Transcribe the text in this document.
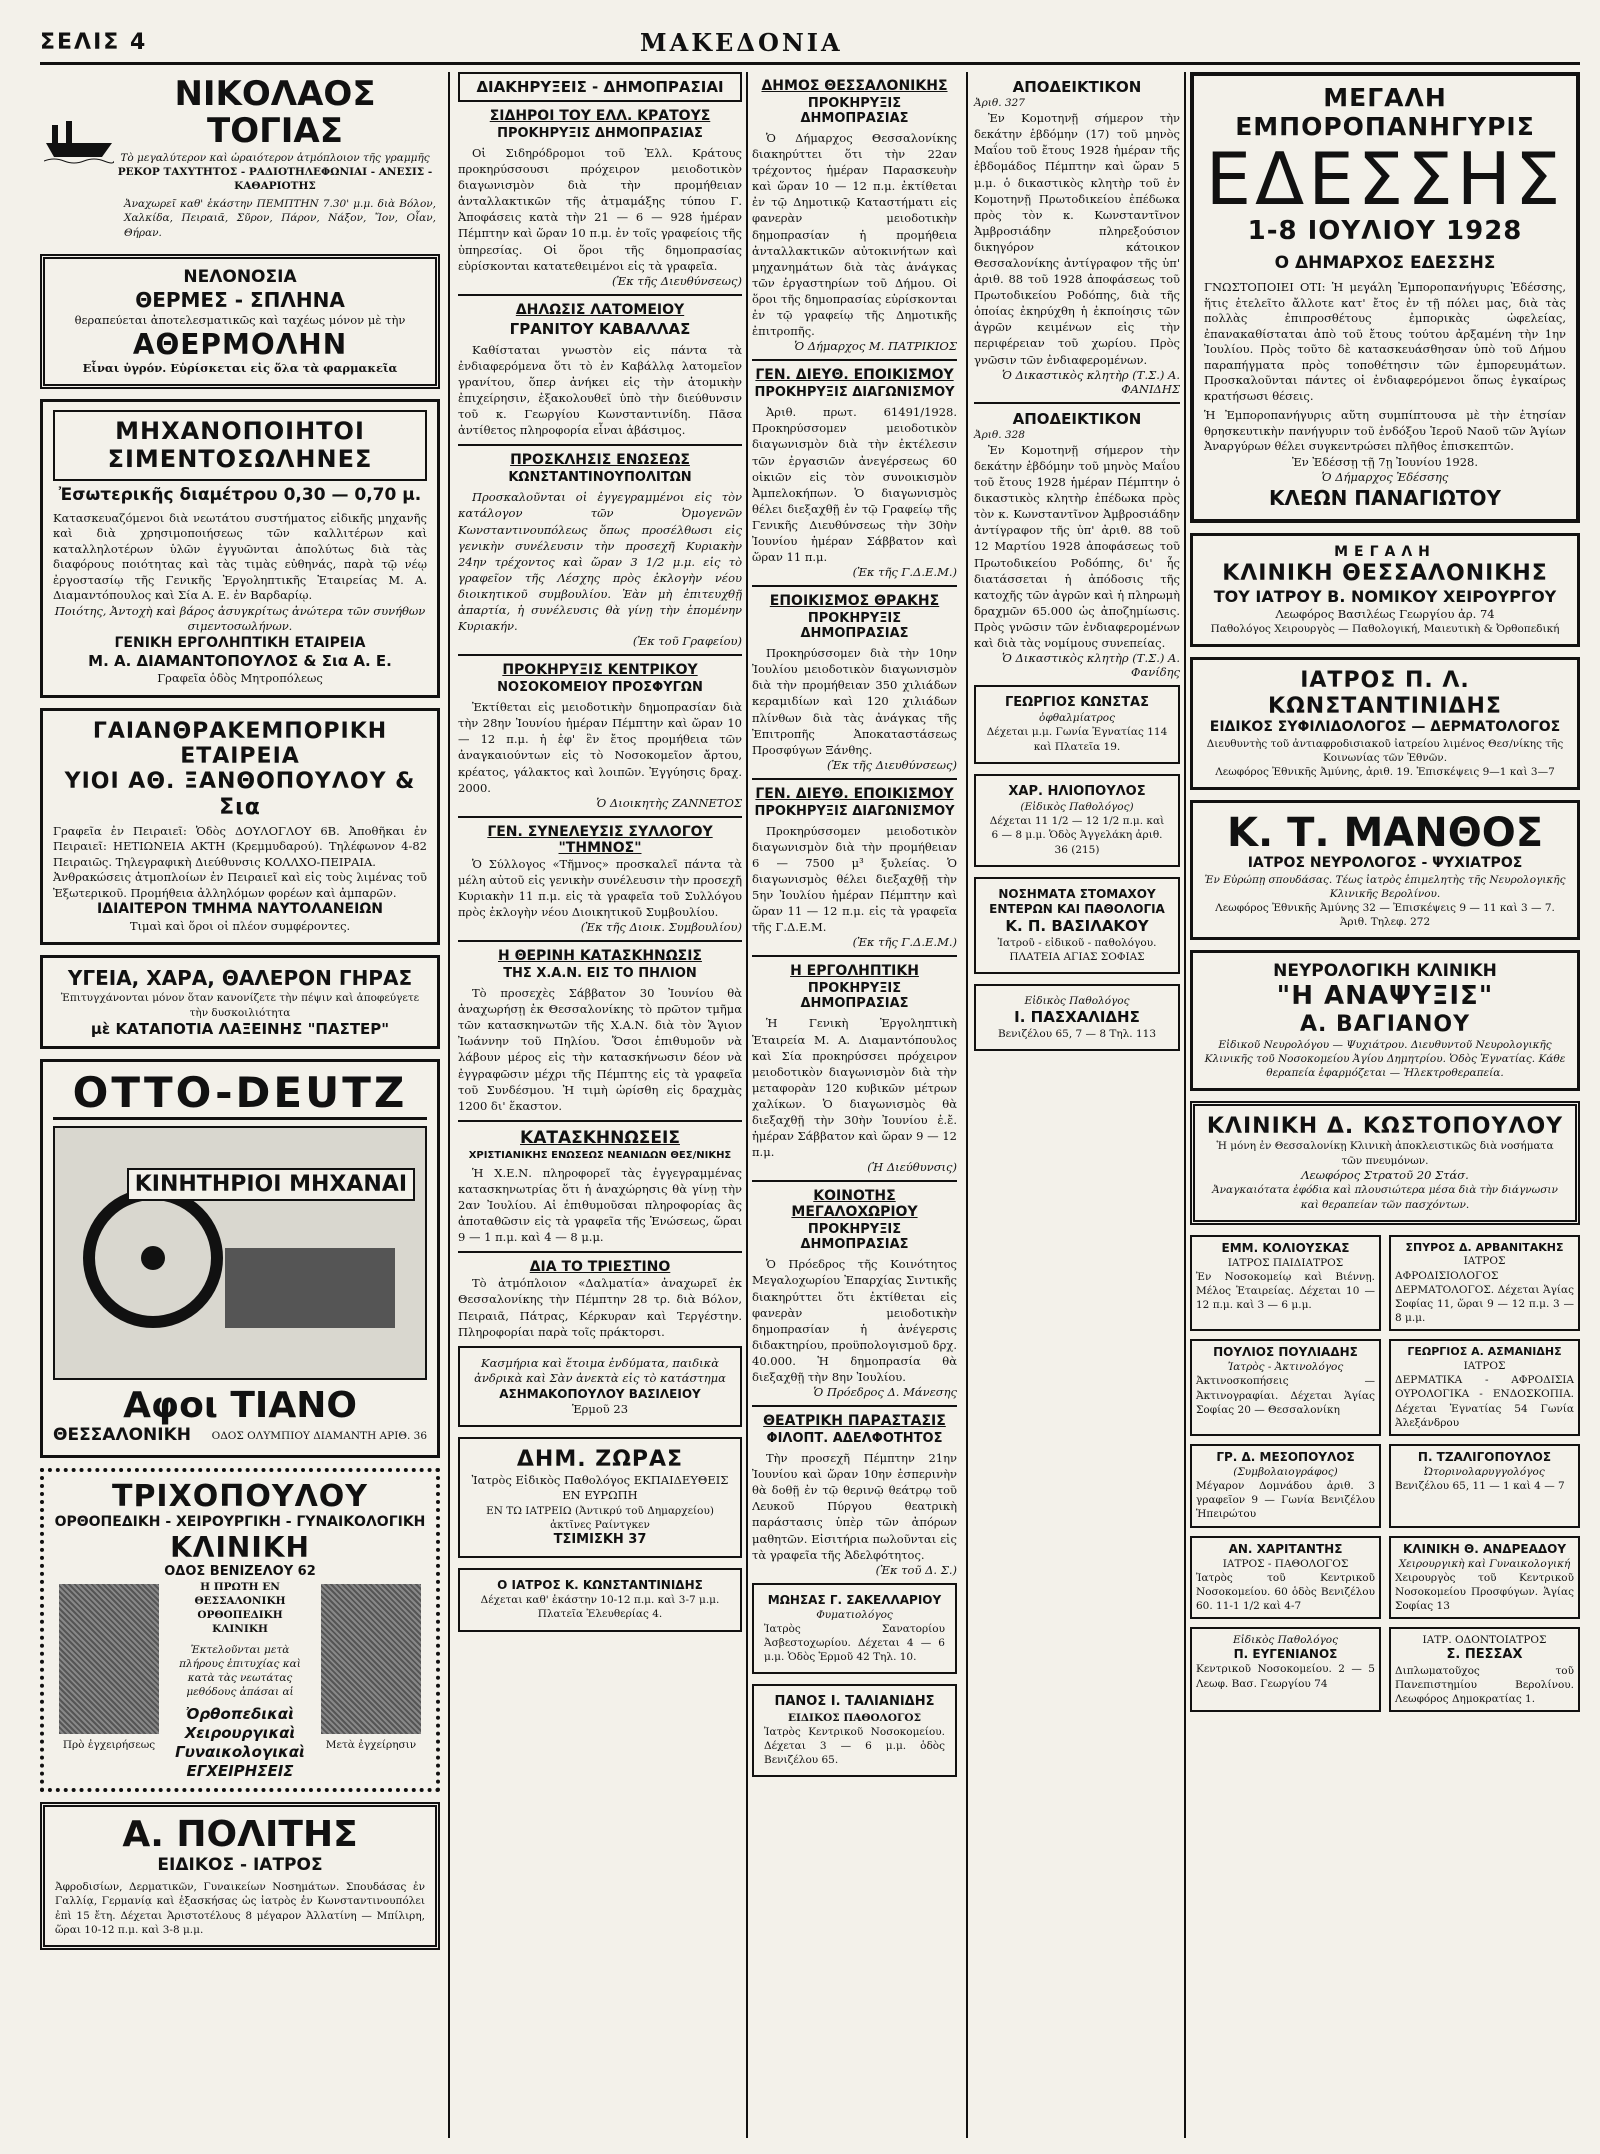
ΣΕΛΙΣ 4	ΜΑΚΕΔΟΝΙΑ
ΝΙΚΟΛΑΟΣ ΤΟΓΙΑΣ
Τὸ μεγαλύτερον καὶ ὡραιότερον ἀτμόπλοιον τῆς γραμμῆς
ΡΕΚΟΡ ΤΑΧΥΤΗΤΟΣ - ΡΑΔΙΟΤΗΛΕΦΩΝΙΑΙ - ΑΝΕΣΙΣ - ΚΑΘΑΡΙΟΤΗΣ
Ἀναχωρεῖ καθ' ἑκάστην ΠΕΜΠΤΗΝ 7.30' μ.μ. διὰ Βόλον, Χαλκίδα, Πειραιᾶ, Σῦρον, Πάρον, Νάξον, Ἴον, Οἶαν, Θήραν.
ΝΕΛΟΝΟΣΙΑ
ΘΕΡΜΕΣ - ΣΠΛΗΝΑ
θεραπεύεται ἀποτελεσματικῶς καὶ ταχέως μόνον μὲ τὴν
ΑΘΕΡΜΟΛΗΝ
Εἶναι ὑγρόν. Εὑρίσκεται εἰς ὅλα τὰ φαρμακεῖα
ΜΗΧΑΝΟΠΟΙΗΤΟΙ ΣΙΜΕΝΤΟΣΩΛΗΝΕΣ
Ἐσωτερικῆς διαμέτρου 0,30 — 0,70 μ.
Κατασκευαζόμενοι διὰ νεωτάτου συστήματος εἰδικῆς μηχανῆς καὶ διὰ χρησιμοποιήσεως τῶν καλλιτέρων καὶ καταλληλοτέρων ὑλῶν ἐγγυῶνται ἀπολύτως διὰ τὰς διαφόρους ποιότητας καὶ τὰς τιμὰς εὐθηνάς, παρὰ τῷ νέῳ ἐργοστασίῳ τῆς Γενικῆς Ἐργοληπτικῆς Ἑταιρείας Μ. Α. Διαμαντόπουλος καὶ Σία Α. Ε. ἐν Βαρδαρίῳ.
Ποιότης, Ἀντοχὴ καὶ βάρος ἀσυγκρίτως ἀνώτερα τῶν συνήθων σιμεντοσωλήνων.
ΓΕΝΙΚΗ ΕΡΓΟΛΗΠΤΙΚΗ ΕΤΑΙΡΕΙΑ
Μ. Α. ΔΙΑΜΑΝΤΟΠΟΥΛΟΣ & Σια Α. Ε.
Γραφεῖα ὁδὸς Μητροπόλεως
ΓΑΙΑΝΘΡΑΚΕΜΠΟΡΙΚΗ ΕΤΑΙΡΕΙΑ
ΥΙΟΙ ΑΘ. ΞΑΝΘΟΠΟΥΛΟΥ & Σια
Γραφεῖα ἐν Πειραιεῖ: Ὁδὸς ΔΟΥΛΟΓΛΟΥ 6Β. Ἀποθῆκαι ἐν Πειραιεῖ: ΗΕΤΙΩΝΕΙΑ ΑΚΤΗ (Κρεμμυδαρού). Τηλέφωνον 4-82 Πειραιῶς. Τηλεγραφικὴ Διεύθυνσις ΚΟΛΛΧΟ-ΠΕΙΡΑΙΑ.
Ἀνθρακώσεις ἀτμοπλοίων ἐν Πειραιεῖ καὶ εἰς τοὺς λιμένας τοῦ Ἐξωτερικοῦ. Προμήθεια ἀλληλόμων φορέων καὶ ἀμπαρῶν.
ΙΔΙΑΙΤΕΡΟΝ ΤΜΗΜΑ ΝΑΥΤΟΛΑΝΕΙΩΝ
Τιμαὶ καὶ ὅροι οἱ πλέον συμφέροντες.
ΥΓΕΙΑ, ΧΑΡΑ, ΘΑΛΕΡΟΝ ΓΗΡΑΣ
Ἐπιτυγχάνονται μόνον ὅταν κανονίζετε τὴν πέψιν καὶ ἀποφεύγετε τὴν δυσκοιλιότητα
μὲ ΚΑΤΑΠΟΤΙΑ ΛΑΞΕΙΝΗΣ "ΠΑΣΤΕΡ"
OTTO-DEUTZ
ΚΙΝΗΤΗΡΙΟΙ ΜΗΧΑΝΑΙ
Αφοι ΤΙΑΝΟ
ΘΕΣΣΑΛΟΝΙΚΗ ΟΔΟΣ ΟΛΥΜΠΙΟΥ ΔΙΑΜΑΝΤΗ ΑΡΙΘ. 36
ΤΡΙΧΟΠΟΥΛΟΥ
ΟΡΘΟΠΕΔΙΚΗ - ΧΕΙΡΟΥΡΓΙΚΗ - ΓΥΝΑΙΚΟΛΟΓΙΚΗ
ΚΛΙΝΙΚΗ
ΟΔΟΣ ΒΕΝΙΖΕΛΟΥ 62
Πρὸ ἐγχειρήσεως
Η ΠΡΩΤΗ ΕΝ ΘΕΣΣΑΛΟΝΙΚΗ ΟΡΘΟΠΕΔΙΚΗ ΚΛΙΝΙΚΗ
Ἐκτελοῦνται μετὰ πλήρους ἐπιτυχίας καὶ κατὰ τὰς νεωτάτας μεθόδους ἁπάσαι αἱ
Ὀρθοπεδικαὶ Χειρουργικαὶ Γυναικολογικαὶ ΕΓΧΕΙΡΗΣΕΙΣ
Μετὰ ἐγχείρησιν
Α. ΠΟΛΙΤΗΣ
ΕΙΔΙΚΟΣ - ΙΑΤΡΟΣ
Ἀφροδισίων, Δερματικῶν, Γυναικείων Νοσημάτων. Σπουδάσας ἐν Γαλλίᾳ, Γερμανίᾳ καὶ ἐξασκήσας ὡς ἰατρὸς ἐν Κωνσταντινουπόλει ἐπὶ 15 ἔτη. Δέχεται Ἀριστοτέλους 8 μέγαρον Ἀλλατίνη — Μπίλιρη, ὥραι 10-12 π.μ. καὶ 3-8 μ.μ.
ΔΙΑΚΗΡΥΞΕΙΣ - ΔΗΜΟΠΡΑΣΙΑΙ
ΣΙΔΗΡΟΙ ΤΟΥ ΕΛΛ. ΚΡΑΤΟΥΣ
ΠΡΟΚΗΡΥΞΙΣ ΔΗΜΟΠΡΑΣΙΑΣ
Οἱ Σιδηρόδρομοι τοῦ Ἑλλ. Κράτους προκηρύσσουσι πρόχειρον μειοδοτικὸν διαγωνισμὸν διὰ τὴν προμήθειαν ἀνταλλακτικῶν τῆς ἀτμαμάξης τύπου Γ. Ἀποφάσεις κατὰ τὴν 21 — 6 — 928 ἡμέραν Πέμπτην καὶ ὥραν 10 π.μ. ἐν τοῖς γραφείοις τῆς ὑπηρεσίας. Οἱ ὅροι τῆς δημοπρασίας εὑρίσκονται κατατεθειμένοι εἰς τὰ γραφεῖα.
(Ἐκ τῆς Διευθύνσεως)
ΔΗΛΩΣΙΣ ΛΑΤΟΜΕΙΟΥ
ΓΡΑΝΙΤΟΥ ΚΑΒΑΛΛΑΣ
Καθίσταται γνωστὸν εἰς πάντα τὰ ἐνδιαφερόμενα ὅτι τὸ ἐν Καβάλλᾳ λατομεῖον γρανίτου, ὅπερ ἀνήκει εἰς τὴν ἀτομικὴν ἐπιχείρησιν, ἐξακολουθεῖ ὑπὸ τὴν διεύθυνσιν τοῦ κ. Γεωργίου Κωνσταντινίδη. Πᾶσα ἀντίθετος πληροφορία εἶναι ἀβάσιμος.
ΠΡΟΣΚΛΗΣΙΣ ΕΝΩΣΕΩΣ
ΚΩΝΣΤΑΝΤΙΝΟΥΠΟΛΙΤΩΝ
Προσκαλοῦνται οἱ ἐγγεγραμμένοι εἰς τὸν κατάλογον τῶν Ὀμογενῶν Κωνσταντινουπόλεως ὅπως προσέλθωσι εἰς γενικὴν συνέλευσιν τὴν προσεχῆ Κυριακὴν 24ην τρέχοντος καὶ ὥραν 3 1/2 μ.μ. εἰς τὸ γραφεῖον τῆς Λέσχης πρὸς ἐκλογὴν νέου διοικητικοῦ συμβουλίου. Ἐὰν μὴ ἐπιτευχθῇ ἀπαρτία, ἡ συνέλευσις θὰ γίνῃ τὴν ἑπομένην Κυριακήν.
(Ἐκ τοῦ Γραφείου)
ΠΡΟΚΗΡΥΞΙΣ ΚΕΝΤΡΙΚΟΥ
ΝΟΣΟΚΟΜΕΙΟΥ ΠΡΟΣΦΥΓΩΝ
Ἐκτίθεται εἰς μειοδοτικὴν δημοπρασίαν διὰ τὴν 28ην Ἰουνίου ἡμέραν Πέμπτην καὶ ὥραν 10 — 12 π.μ. ἡ ἐφ' ἓν ἔτος προμήθεια τῶν ἀναγκαιούντων εἰς τὸ Νοσοκομεῖον ἄρτου, κρέατος, γάλακτος καὶ λοιπῶν. Ἐγγύησις δραχ. 2000.
Ὁ Διοικητὴς ΖΑΝΝΕΤΟΣ
ΓΕΝ. ΣΥΝΕΛΕΥΣΙΣ ΣΥΛΛΟΓΟΥ "ΤΗΜΝΟΣ"
Ὁ Σύλλογος «Τῆμνος» προσκαλεῖ πάντα τὰ μέλη αὐτοῦ εἰς γενικὴν συνέλευσιν τὴν προσεχῆ Κυριακὴν 11 π.μ. εἰς τὰ γραφεῖα τοῦ Συλλόγου πρὸς ἐκλογὴν νέου Διοικητικοῦ Συμβουλίου.
(Ἐκ τῆς Διοικ. Συμβουλίου)
Η ΘΕΡΙΝΗ ΚΑΤΑΣΚΗΝΩΣΙΣ
ΤΗΣ Χ.Α.Ν. ΕΙΣ ΤΟ ΠΗΛΙΟΝ
Τὸ προσεχὲς Σάββατον 30 Ἰουνίου θὰ ἀναχωρήσῃ ἐκ Θεσσαλονίκης τὸ πρῶτον τμῆμα τῶν κατασκηνωτῶν τῆς Χ.Α.Ν. διὰ τὸν Ἅγιον Ἰωάννην τοῦ Πηλίου. Ὅσοι ἐπιθυμοῦν νὰ λάβουν μέρος εἰς τὴν κατασκήνωσιν δέον νὰ ἐγγραφῶσιν μέχρι τῆς Πέμπτης εἰς τὰ γραφεῖα τοῦ Συνδέσμου. Ἡ τιμὴ ὡρίσθη εἰς δραχμὰς 1200 δι' ἕκαστον.
ΚΑΤΑΣΚΗΝΩΣΕΙΣ
ΧΡΙΣΤΙΑΝΙΚΗΣ ΕΝΩΣΕΩΣ ΝΕΑΝΙΔΩΝ ΘΕΣ/ΝΙΚΗΣ
Ἡ Χ.Ε.Ν. πληροφορεῖ τὰς ἐγγεγραμμένας κατασκηνωτρίας ὅτι ἡ ἀναχώρησις θὰ γίνῃ τὴν 2αν Ἰουλίου. Αἱ ἐπιθυμοῦσαι πληροφορίας ἂς ἀποταθῶσιν εἰς τὰ γραφεῖα τῆς Ἑνώσεως, ὥραι 9 — 1 π.μ. καὶ 4 — 8 μ.μ.
ΔΙΑ ΤΟ ΤΡΙΕΣΤΙΝΟ
Τὸ ἀτμόπλοιον «Δαλματία» ἀναχωρεῖ ἐκ Θεσσαλονίκης τὴν Πέμπτην 28 τρ. διὰ Βόλον, Πειραιᾶ, Πάτρας, Κέρκυραν καὶ Τεργέστην. Πληροφορίαι παρὰ τοῖς πράκτορσι.
Κασμήρια καὶ ἕτοιμα ἐνδύματα, παιδικὰ ἀνδρικὰ καὶ Σὰν ἀνεκτὰ εἰς τὸ κατάστημα
ΑΣΗΜΑΚΟΠΟΥΛΟΥ ΒΑΣΙΛΕΙΟΥ
Ἑρμοῦ 23
ΔΗΜ. ΖΩΡΑΣ
Ἰατρὸς Εἰδικὸς Παθολόγος ΕΚΠΑΙΔΕΥΘΕΙΣ ΕΝ ΕΥΡΩΠΗ
ΕΝ ΤΩ ΙΑΤΡΕΙΩ (Ἀντικρύ τοῦ Δημαρχείου) ἀκτῖνες Ραίντγκεν
ΤΣΙΜΙΣΚΗ 37
Ο ΙΑΤΡΟΣ Κ. ΚΩΝΣΤΑΝΤΙΝΙΔΗΣ
Δέχεται καθ' ἑκάστην 10-12 π.μ. καὶ 3-7 μ.μ. Πλατεῖα Ἐλευθερίας 4.
ΔΗΜΟΣ ΘΕΣΣΑΛΟΝΙΚΗΣ
ΠΡΟΚΗΡΥΞΙΣ ΔΗΜΟΠΡΑΣΙΑΣ
Ὁ Δήμαρχος Θεσσαλονίκης διακηρύττει ὅτι τὴν 22αν τρέχοντος ἡμέραν Παρασκευὴν καὶ ὥραν 10 — 12 π.μ. ἐκτίθεται ἐν τῷ Δημοτικῷ Καταστήματι εἰς φανερὰν μειοδοτικὴν δημοπρασίαν ἡ προμήθεια ἀνταλλακτικῶν αὐτοκινήτων καὶ μηχανημάτων διὰ τὰς ἀνάγκας τῶν ἐργαστηρίων τοῦ Δήμου. Οἱ ὅροι τῆς δημοπρασίας εὑρίσκονται ἐν τῷ γραφείῳ τῆς Δημοτικῆς ἐπιτροπῆς.
Ὁ Δήμαρχος Μ. ΠΑΤΡΙΚΙΟΣ
ΓΕΝ. ΔΙΕΥΘ. ΕΠΟΙΚΙΣΜΟΥ
ΠΡΟΚΗΡΥΞΙΣ ΔΙΑΓΩΝΙΣΜΟΥ
Ἀριθ. πρωτ. 61491/1928. Προκηρύσσομεν μειοδοτικὸν διαγωνισμὸν διὰ τὴν ἐκτέλεσιν τῶν ἐργασιῶν ἀνεγέρσεως 60 οἰκιῶν εἰς τὸν συνοικισμὸν Ἀμπελοκήπων. Ὁ διαγωνισμὸς θέλει διεξαχθῇ ἐν τῷ Γραφείῳ τῆς Γενικῆς Διευθύνσεως τὴν 30ὴν Ἰουνίου ἡμέραν Σάββατον καὶ ὥραν 11 π.μ.
(Ἐκ τῆς Γ.Δ.Ε.Μ.)
ΕΠΟΙΚΙΣΜΟΣ ΘΡΑΚΗΣ
ΠΡΟΚΗΡΥΞΙΣ ΔΗΜΟΠΡΑΣΙΑΣ
Προκηρύσσομεν διὰ τὴν 10ην Ἰουλίου μειοδοτικὸν διαγωνισμὸν διὰ τὴν προμήθειαν 350 χιλιάδων κεραμιδίων καὶ 120 χιλιάδων πλίνθων διὰ τὰς ἀνάγκας τῆς Ἐπιτροπῆς Ἀποκαταστάσεως Προσφύγων Ξάνθης.
(Ἐκ τῆς Διευθύνσεως)
ΓΕΝ. ΔΙΕΥΘ. ΕΠΟΙΚΙΣΜΟΥ
ΠΡΟΚΗΡΥΞΙΣ ΔΙΑΓΩΝΙΣΜΟΥ
Προκηρύσσομεν μειοδοτικὸν διαγωνισμὸν διὰ τὴν προμήθειαν 6 — 7500 μ³ ξυλείας. Ὁ διαγωνισμὸς θέλει διεξαχθῇ τὴν 5ην Ἰουλίου ἡμέραν Πέμπτην καὶ ὥραν 11 — 12 π.μ. εἰς τὰ γραφεῖα τῆς Γ.Δ.Ε.Μ.
(Ἐκ τῆς Γ.Δ.Ε.Μ.)
Η ΕΡΓΟΛΗΠΤΙΚΗ
ΠΡΟΚΗΡΥΞΙΣ ΔΗΜΟΠΡΑΣΙΑΣ
Ἡ Γενικὴ Ἐργοληπτικὴ Ἑταιρεία Μ. Α. Διαμαντόπουλος καὶ Σία προκηρύσσει πρόχειρον μειοδοτικὸν διαγωνισμὸν διὰ τὴν μεταφορὰν 120 κυβικῶν μέτρων χαλίκων. Ὁ διαγωνισμὸς θὰ διεξαχθῇ τὴν 30ὴν Ἰουνίου ἐ.ἔ. ἡμέραν Σάββατον καὶ ὥραν 9 — 12 π.μ.
(Ἡ Διεύθυνσις)
ΚΟΙΝΟΤΗΣ ΜΕΓΑΛΟΧΩΡΙΟΥ
ΠΡΟΚΗΡΥΞΙΣ ΔΗΜΟΠΡΑΣΙΑΣ
Ὁ Πρόεδρος τῆς Κοινότητος Μεγαλοχωρίου Ἐπαρχίας Σιντικῆς διακηρύττει ὅτι ἐκτίθεται εἰς φανερὰν μειοδοτικὴν δημοπρασίαν ἡ ἀνέγερσις διδακτηρίου, προϋπολογισμοῦ δρχ. 40.000. Ἡ δημοπρασία θὰ διεξαχθῇ τὴν 8ην Ἰουλίου.
Ὁ Πρόεδρος Δ. Μάνεσης
ΘΕΑΤΡΙΚΗ ΠΑΡΑΣΤΑΣΙΣ
ΦΙΛΟΠΤ. ΑΔΕΛΦΟΤΗΤΟΣ
Τὴν προσεχῆ Πέμπτην 21ην Ἰουνίου καὶ ὥραν 10ην ἑσπερινὴν θὰ δοθῇ ἐν τῷ θερινῷ θεάτρῳ τοῦ Λευκοῦ Πύργου θεατρικὴ παράστασις ὑπὲρ τῶν ἀπόρων μαθητῶν. Εἰσιτήρια πωλοῦνται εἰς τὰ γραφεῖα τῆς Ἀδελφότητος.
(Ἐκ τοῦ Δ. Σ.)
ΜΩΗΣΑΣ Γ. ΣΑΚΕΛΛΑΡΙΟΥ
Φυματιολόγος
Ἰατρὸς Σανατορίου Ἀσβεστοχωρίου. Δέχεται 4 — 6 μ.μ. Ὁδὸς Ἑρμοῦ 42 Τηλ. 10.
ΠΑΝΟΣ Ι. ΤΑΛΙΑΝΙΔΗΣ
ΕΙΔΙΚΟΣ ΠΑΘΟΛΟΓΟΣ
Ἰατρὸς Κεντρικοῦ Νοσοκομείου. Δέχεται 3 — 6 μ.μ. ὁδὸς Βενιζέλου 65.
ΑΠΟΔΕΙΚΤΙΚΟΝ
Ἀριθ. 327
Ἐν Κομοτηνῇ σήμερον τὴν δεκάτην ἑβδόμην (17) τοῦ μηνὸς Μαΐου τοῦ ἔτους 1928 ἡμέραν τῆς ἑβδομάδος Πέμπτην καὶ ὥραν 5 μ.μ. ὁ δικαστικὸς κλητὴρ τοῦ ἐν Κομοτηνῇ Πρωτοδικείου ἐπέδωκα πρὸς τὸν κ. Κωνσταντῖνον Ἀμβροσιάδην πληρεξούσιον δικηγόρον κάτοικον Θεσσαλονίκης ἀντίγραφον τῆς ὑπ' ἀριθ. 88 τοῦ 1928 ἀποφάσεως τοῦ Πρωτοδικείου Ροδόπης, διὰ τῆς ὁποίας ἐκηρύχθη ἡ ἐκποίησις τῶν ἀγρῶν κειμένων εἰς τὴν περιφέρειαν τοῦ χωρίου. Πρὸς γνῶσιν τῶν ἐνδιαφερομένων.
Ὁ Δικαστικὸς κλητὴρ (Τ.Σ.) Α. ΦΑΝΙΔΗΣ
ΑΠΟΔΕΙΚΤΙΚΟΝ
Ἀριθ. 328
Ἐν Κομοτηνῇ σήμερον τὴν δεκάτην ἑβδόμην τοῦ μηνὸς Μαΐου τοῦ ἔτους 1928 ἡμέραν Πέμπτην ὁ δικαστικὸς κλητὴρ ἐπέδωκα πρὸς τὸν κ. Κωνσταντῖνον Ἀμβροσιάδην ἀντίγραφον τῆς ὑπ' ἀριθ. 88 τοῦ 12 Μαρτίου 1928 ἀποφάσεως τοῦ Πρωτοδικείου Ροδόπης, δι' ἧς διατάσσεται ἡ ἀπόδοσις τῆς κατοχῆς τῶν ἀγρῶν καὶ ἡ πληρωμὴ δραχμῶν 65.000 ὡς ἀποζημίωσις. Πρὸς γνῶσιν τῶν ἐνδιαφερομένων καὶ διὰ τὰς νομίμους συνεπείας.
Ὁ Δικαστικὸς κλητὴρ (Τ.Σ.) Α. Φανίδης
ΓΕΩΡΓΙΟΣ ΚΩΝΣΤΑΣ
ὀφθαλμίατρος
Δέχεται μ.μ. Γωνία Ἐγνατίας 114 καὶ Πλατεῖα 19.
ΧΑΡ. ΗΛΙΟΠΟΥΛΟΣ
(Εἰδικὸς Παθολόγος)
Δέχεται 11 1/2 — 12 1/2 π.μ. καὶ 6 — 8 μ.μ. Ὁδὸς Ἀγγελάκη ἀριθ. 36 (215)
ΝΟΣΗΜΑΤΑ ΣΤΟΜΑΧΟΥ ΕΝΤΕΡΩΝ ΚΑΙ ΠΑΘΟΛΟΓΙΑ
Κ. Π. ΒΑΣΙΛΑΚΟΥ
Ἰατροῦ - εἰδικοῦ - παθολόγου. ΠΛΑΤΕΙΑ ΑΓΙΑΣ ΣΟΦΙΑΣ
Εἰδικὸς Παθολόγος
Ι. ΠΑΣΧΑΛΙΔΗΣ
Βενιζέλου 65, 7 — 8 Τηλ. 113
ΜΕΓΑΛΗ ΕΜΠΟΡΟΠΑΝΗΓΥΡΙΣ
ΕΔΕΣΣΗΣ
1-8 ΙΟΥΛΙΟΥ 1928
Ο ΔΗΜΑΡΧΟΣ ΕΔΕΣΣΗΣ
ΓΝΩΣΤΟΠΟΙΕΙ ΟΤΙ: Ἡ μεγάλη Ἐμποροπανήγυρις Ἐδέσσης, ἥτις ἐτελεῖτο ἄλλοτε κατ' ἔτος ἐν τῇ πόλει μας, διὰ τὰς πολλὰς ἐπιπροσθέτους ἐμπορικὰς ὠφελείας, ἐπανακαθίσταται ἀπὸ τοῦ ἔτους τούτου ἀρξαμένη τὴν 1ην Ἰουλίου. Πρὸς τοῦτο δὲ κατασκευάσθησαν ὑπὸ τοῦ Δήμου παραπήγματα πρὸς τοποθέτησιν τῶν ἐμπορευμάτων. Προσκαλοῦνται πάντες οἱ ἐνδιαφερόμενοι ὅπως ἐγκαίρως κρατήσωσι θέσεις.
Ἡ Ἐμποροπανήγυρις αὕτη συμπίπτουσα μὲ τὴν ἐτησίαν θρησκευτικὴν πανήγυριν τοῦ ἐνδόξου Ἱεροῦ Ναοῦ τῶν Ἁγίων Ἀναργύρων θέλει συγκεντρώσει πλῆθος ἐπισκεπτῶν.
Ἐν Ἐδέσσῃ τῇ 7ῃ Ἰουνίου 1928.
Ὁ Δήμαρχος Ἐδέσσης
ΚΛΕΩΝ ΠΑΝΑΓΙΩΤΟΥ
ΜΕΓΑΛΗ
ΚΛΙΝΙΚΗ ΘΕΣΣΑΛΟΝΙΚΗΣ
ΤΟΥ ΙΑΤΡΟΥ Β. ΝΟΜΙΚΟΥ ΧΕΙΡΟΥΡΓΟΥ
Λεωφόρος Βασιλέως Γεωργίου ἀρ. 74
Παθολόγος Χειρουργὸς — Παθολογική, Μαιευτικὴ & Ὀρθοπεδική
ΙΑΤΡΟΣ Π. Λ. ΚΩΝΣΤΑΝΤΙΝΙΔΗΣ
ΕΙΔΙΚΟΣ ΣΥΦΙΛΙΔΟΛΟΓΟΣ — ΔΕΡΜΑΤΟΛΟΓΟΣ
Διευθυντὴς τοῦ ἀντιαφροδισιακοῦ ἰατρείου λιμένος Θεσ/νίκης τῆς Κοινωνίας τῶν Ἐθνῶν.
Λεωφόρος Ἐθνικῆς Ἀμύνης, ἀριθ. 19. Ἐπισκέψεις 9—1 καὶ 3—7
Κ. Τ. ΜΑΝΘΟΣ
ΙΑΤΡΟΣ ΝΕΥΡΟΛΟΓΟΣ - ΨΥΧΙΑΤΡΟΣ
Ἐν Εὐρώπῃ σπουδάσας. Τέως ἰατρὸς ἐπιμελητὴς τῆς Νευρολογικῆς Κλινικῆς Βερολίνου.
Λεωφόρος Ἐθνικῆς Ἀμύνης 32 — Ἐπισκέψεις 9 — 11 καὶ 3 — 7. Ἀριθ. Τηλεφ. 272
ΝΕΥΡΟΛΟΓΙΚΗ ΚΛΙΝΙΚΗ
"Η ΑΝΑΨΥΞΙΣ"
Α. ΒΑΓΙΑΝΟΥ
Εἰδικοῦ Νευρολόγου — Ψυχιάτρου. Διευθυντοῦ Νευρολογικῆς Κλινικῆς τοῦ Νοσοκομείου Ἀγίου Δημητρίου. Ὁδὸς Ἐγνατίας. Κάθε θεραπεία ἐφαρμόζεται — Ἠλεκτροθεραπεία.
ΚΛΙΝΙΚΗ Δ. ΚΩΣΤΟΠΟΥΛΟΥ
Ἡ μόνη ἐν Θεσσαλονίκῃ Κλινικὴ ἀποκλειστικῶς διὰ νοσήματα τῶν πνευμόνων.
Λεωφόρος Στρατοῦ 20 Στάσ.
Ἀναγκαιότατα ἐφόδια καὶ πλουσιώτερα μέσα διὰ τὴν διάγνωσιν καὶ θεραπείαν τῶν πασχόντων.
ΕΜΜ. ΚΟΛΙΟΥΣΚΑΣ
ΙΑΤΡΟΣ ΠΑΙΔΙΑΤΡΟΣ
Ἐν Νοσοκομείῳ καὶ Βιέννῃ. Μέλος Ἑταιρείας. Δέχεται 10 — 12 π.μ. καὶ 3 — 6 μ.μ.
ΣΠΥΡΟΣ Δ. ΑΡΒΑΝΙΤΑΚΗΣ
ΙΑΤΡΟΣ
ΑΦΡΟΔΙΣΙΟΛΟΓΟΣ ΔΕΡΜΑΤΟΛΟΓΟΣ. Δέχεται Ἁγίας Σοφίας 11, ὥραι 9 — 12 π.μ. 3 — 8 μ.μ.
ΠΟΥΛΙΟΣ ΠΟΥΛΙΑΔΗΣ
Ἰατρὸς - Ἀκτινολόγος
Ἀκτινοσκοπήσεις — Ἀκτινογραφίαι. Δέχεται Ἁγίας Σοφίας 20 — Θεσσαλονίκη
ΓΕΩΡΓΙΟΣ Α. ΑΣΜΑΝΙΔΗΣ
ΙΑΤΡΟΣ
ΔΕΡΜΑΤΙΚΑ - ΑΦΡΟΔΙΣΙΑ ΟΥΡΟΛΟΓΙΚΑ - ΕΝΔΟΣΚΟΠΙΑ. Δέχεται Ἐγνατίας 54 Γωνία Ἀλεξάνδρου
ΓΡ. Δ. ΜΕΣΟΠΟΥΛΟΣ
(Συμβολαιογράφος)
Μέγαρον Δομνάδου ἀριθ. 3 γραφεῖον 9 — Γωνία Βενιζέλου Ἡπειρώτου
Π. ΤΖΑΛΙΓΟΠΟΥΛΟΣ
Ὠτορινολαρυγγολόγος
Βενιζέλου 65, 11 — 1 καὶ 4 — 7
ΑΝ. ΧΑΡΙΤΑΝΤΗΣ
ΙΑΤΡΟΣ - ΠΑΘΟΛΟΓΟΣ
Ἰατρὸς τοῦ Κεντρικοῦ Νοσοκομείου. 60 ὁδὸς Βενιζέλου 60. 11-1 1/2 καὶ 4-7
ΚΛΙΝΙΚΗ Θ. ΑΝΔΡΕΑΔΟΥ
Χειρουργικὴ καὶ Γυναικολογική
Χειρουργὸς τοῦ Κεντρικοῦ Νοσοκομείου Προσφύγων. Ἁγίας Σοφίας 13
Εἰδικὸς Παθολόγος
Π. ΕΥΓΕΝΙΑΝΟΣ
Κεντρικοῦ Νοσοκομείου. 2 — 5 Λεωφ. Βασ. Γεωργίου 74
ΙΑΤΡ. ΟΔΟΝΤΟΙΑΤΡΟΣ
Σ. ΠΕΣΣΑΧ
Διπλωματοῦχος τοῦ Πανεπιστημίου Βερολίνου. Λεωφόρος Δημοκρατίας 1.
